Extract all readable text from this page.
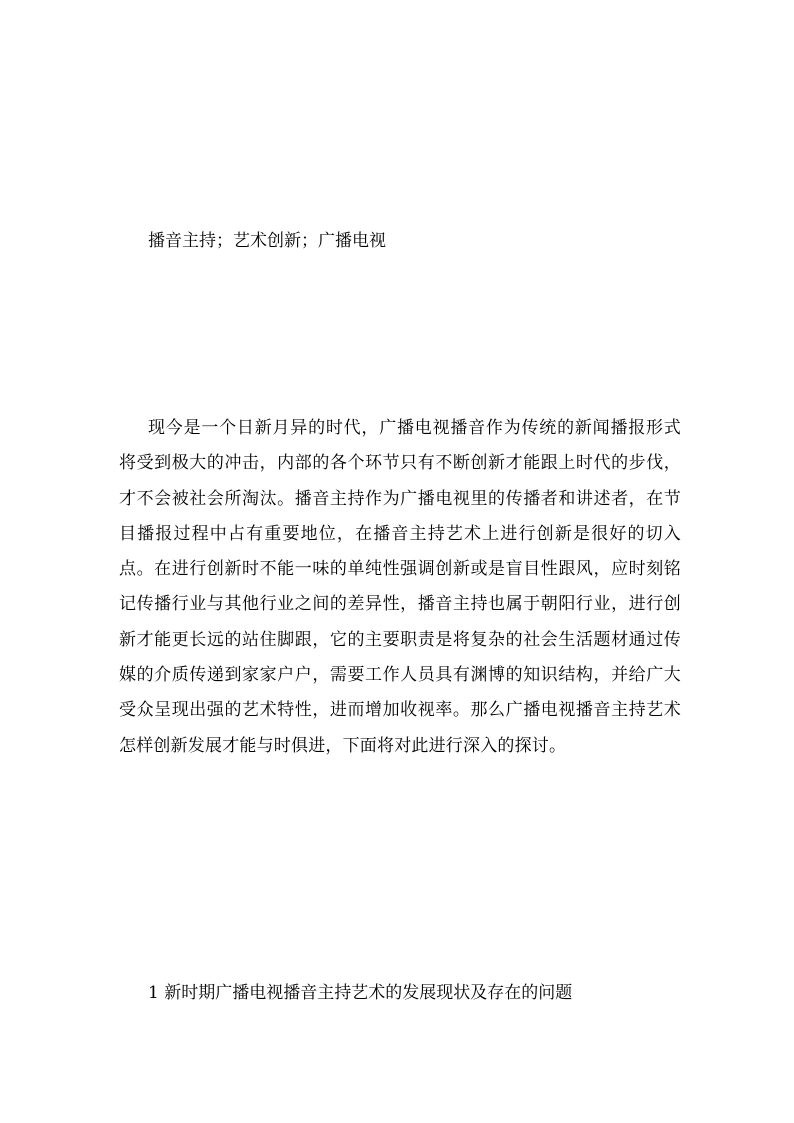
播音主持；艺术创新；广播电视

现今是一个日新月异的时代，广播电视播音作为传统的新闻播报形式将受到极大的冲击，内部的各个环节只有不断创新才能跟上时代的步伐，才不会被社会所淘汰。播音主持作为广播电视里的传播者和讲述者，在节目播报过程中占有重要地位，在播音主持艺术上进行创新是很好的切入点。在进行创新时不能一味的单纯性强调创新或是盲目性跟风，应时刻铭记传播行业与其他行业之间的差异性，播音主持也属于朝阳行业，进行创新才能更长远的站住脚跟，它的主要职责是将复杂的社会生活题材通过传媒的介质传递到家家户户，需要工作人员具有渊博的知识结构，并给广大受众呈现出强的艺术特性，进而增加收视率。那么广播电视播音主持艺术怎样创新发展才能与时俱进，下面将对此进行深入的探讨。

1 新时期广播电视播音主持艺术的发展现状及存在的问题
